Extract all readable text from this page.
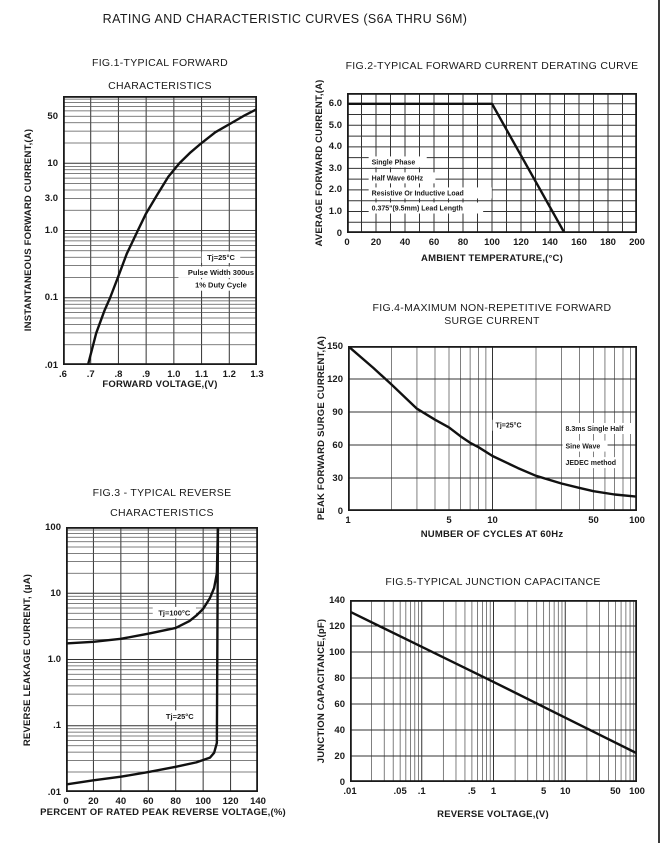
RATING AND CHARACTERISTIC CURVES (S6A THRU S6M)
FIG.1-TYPICAL FORWARD
CHARACTERISTICS
Tj=25°C
Pulse Width 300us
1% Duty Cycle
FORWARD VOLTAGE,(V)
INSTANTANEOUS FORWARD CURRENT,(A)
FIG.2-TYPICAL FORWARD CURRENT DERATING CURVE
Single Phase
Half Wave 60Hz
Resistive Or Inductive Load
0.375"(9.5mm) Lead Length
AMBIENT TEMPERATURE,(°C)
AVERAGE FORWARD CURRENT,(A)
FIG.4-MAXIMUM NON-REPETITIVE FORWARD
SURGE CURRENT
Tj=25°C	8.3ms Single Half
Sine Wave
JEDEC method
NUMBER OF CYCLES AT 60Hz
PEAK FORWARD SURGE CURRENT,(A)
FIG.3 - TYPICAL REVERSE
CHARACTERISTICS
Tj=100°C
Tj=25°C
PERCENT OF RATED PEAK REVERSE VOLTAGE,(%)
REVERSE LEAKAGE CURRENT, (µA)	FIG.5-TYPICAL JUNCTION CAPACITANCE
REVERSE VOLTAGE,(V)
JUNCTION CAPACITANCE,(pF)
.6	.7	.8	.9	1.0	1.1	1.2	1.3
.01
0.1
1.0
3.0
10
50
0	20	40	60	80	100	120	140	160	180	200
0
1.0
2.0
3.0
4.0
5.0
6.0
1	5	10	50	100
0
30
60
90
120
150
0	20	40	60	80	100	120	140
.01
.1
1.0
10
100
.01	.05	.1	.5	1	5	10	50 100
0
20
40
60
80
100
120
140
